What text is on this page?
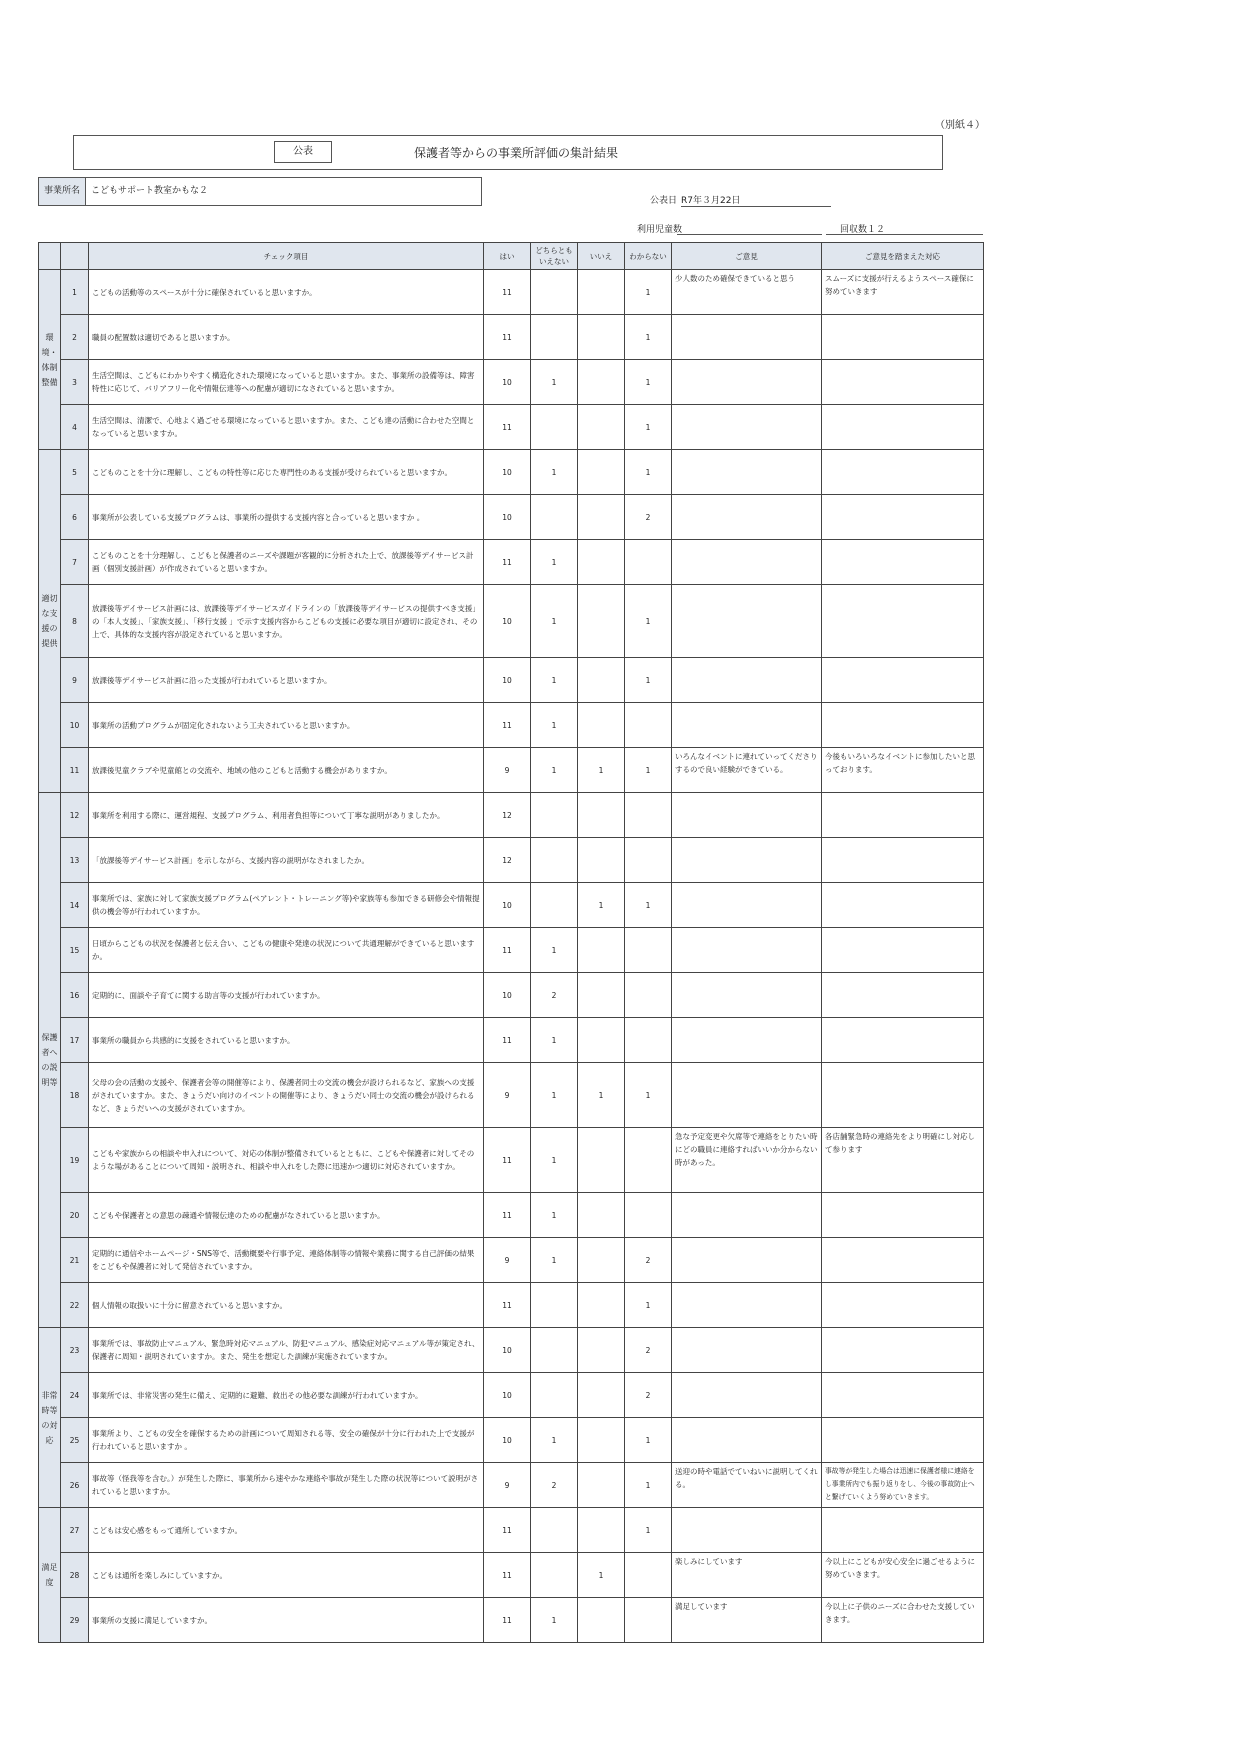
（別紙４）
公表	保護者等からの事業所評価の集計結果
事業所名	こどもサポート教室かもな２
公表日 R7年３月22日
利用児童数	回収数１２
		チェック項目	はい	どちらとも いえない	いいえ	わからない	ご意見	ご意見を踏まえた対応
環境・体制整備	1	こどもの活動等のスペースが十分に確保されていると思いますか。	11			1	少人数のため確保できていると思う	スムーズに支援が行えるようスペース確保に努めていきます
	2	職員の配置数は適切であると思いますか。	11			1		
	3	生活空間は、こどもにわかりやすく構造化された環境になっていると思いますか。また、事業所の設備等は、障害特性に応じて、バリアフリー化や情報伝達等への配慮が適切になされていると思いますか。	10	1		1		
	4	生活空間は、清潔で、心地よく過ごせる環境になっていると思いますか。また、こども達の活動に合わせた空間となっていると思いますか。	11			1		
適切な支援の提供	5	こどものことを十分に理解し、こどもの特性等に応じた専門性のある支援が受けられていると思いますか。	10	1		1		
	6	事業所が公表している支援プログラムは、事業所の提供する支援内容と合っていると思いますか 。	10			2		
	7	こどものことを十分理解し、こどもと保護者のニーズや課題が客観的に分析された上で、放課後等デイサービス計画（個別支援計画）が作成されていると思いますか。	11	1				
	8	放課後等デイサービス計画には、放課後等デイサービスガイドラインの「放課後等デイサービスの提供すべき支援」の「本人支援」、「家族支援」、「移行支援 」で示す支援内容からこどもの支援に必要な項目が適切に設定され、その上で、具体的な支援内容が設定されていると思いますか。	10	1		1		
	9	放課後等デイサービス計画に沿った支援が行われていると思いますか。	10	1		1		
	10	事業所の活動プログラムが固定化されないよう工夫されていると思いますか。	11	1				
	11	放課後児童クラブや児童館との交流や、地域の他のこどもと活動する機会がありますか。	9	1	1	1	いろんなイベントに連れていってくださりするので良い経験ができている。	今後もいろいろなイベントに参加したいと思っております。
保護者への説明等	12	事業所を利用する際に、運営規程、支援プログラム、利用者負担等について丁寧な説明がありましたか。	12					
	13	「放課後等デイサービス計画」を示しながら、支援内容の説明がなされましたか。	12					
	14	事業所では、家族に対して家族支援プログラム(ペアレント・トレーニング等)や家族等も参加できる研修会や情報提供の機会等が行われていますか。	10		1	1		
	15	日頃からこどもの状況を保護者と伝え合い、こどもの健康や発達の状況について共通理解ができていると思いますか。	11	1				
	16	定期的に、面談や子育てに関する助言等の支援が行われていますか。	10	2				
	17	事業所の職員から共感的に支援をされていると思いますか。	11	1				
	18	父母の会の活動の支援や、保護者会等の開催等により、保護者同士の交流の機会が設けられるなど、家族への支援がされていますか。また、きょうだい向けのイベントの開催等により、きょうだい同士の交流の機会が設けられるなど、きょうだいへの支援がされていますか。	9	1	1	1		
	19	こどもや家族からの相談や申入れについて、対応の体制が整備されているとともに、こどもや保護者に対してそのような場があることについて周知・説明され、相談や申入れをした際に迅速かつ適切に対応されていますか。	11	1			急な予定変更や欠席等で連絡をとりたい時にどの職員に連絡すればいいか分からない時があった。	各店舗緊急時の連絡先をより明確にし対応して参ります
	20	こどもや保護者との意思の疎通や情報伝達のための配慮がなされていると思いますか。	11	1				
	21	定期的に通信やホームページ・SNS等で、活動概要や行事予定、連絡体制等の情報や業務に関する自己評価の結果をこどもや保護者に対して発信されていますか。	9	1		2		
	22	個人情報の取扱いに十分に留意されていると思いますか。	11			1		
非常時等の対応	23	事業所では、事故防止マニュアル、緊急時対応マニュアル、防犯マニュアル、感染症対応マニュアル等が策定され、保護者に周知・説明されていますか。また、発生を想定した訓練が実施されていますか。	10			2		
	24	事業所では、非常災害の発生に備え、定期的に避難、救出その他必要な訓練が行われていますか。	10			2		
	25	事業所より、こどもの安全を確保するための計画について周知される等、安全の確保が十分に行われた上で支援が行われていると思いますか 。	10	1		1		
	26	事故等（怪我等を含む。）が発生した際に、事業所から速やかな連絡や事故が発生した際の状況等について説明がされていると思いますか。	9	2		1	送迎の時や電話でていねいに説明してくれる。	事故等が発生した場合は迅速に保護者様に連絡をし事業所内でも振り返りをし、今後の事故防止へと繋げていくよう努めていきます。
満足度	27	こどもは安心感をもって通所していますか。	11			1		
	28	こどもは通所を楽しみにしていますか。	11		1		楽しみにしています	今以上にこどもが安心安全に過ごせるように努めていきます。
	29	事業所の支援に満足していますか。	11	1			満足しています	今以上に子供のニーズに合わせた支援していきます。
